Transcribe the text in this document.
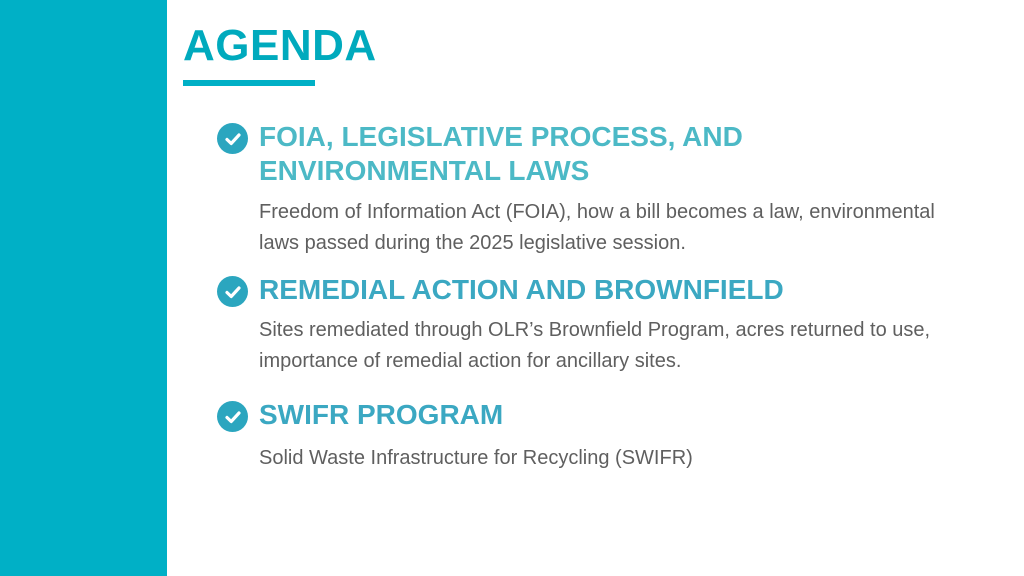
AGENDA

FOIA, LEGISLATIVE PROCESS, AND ENVIRONMENTAL LAWS

Freedom of Information Act (FOIA), how a bill becomes a law, environmental laws passed during the 2025 legislative session.

REMEDIAL ACTION AND BROWNFIELD

Sites remediated through OLR’s Brownfield Program, acres returned to use, importance of remedial action for ancillary sites.

SWIFR PROGRAM

Solid Waste Infrastructure for Recycling (SWIFR)
